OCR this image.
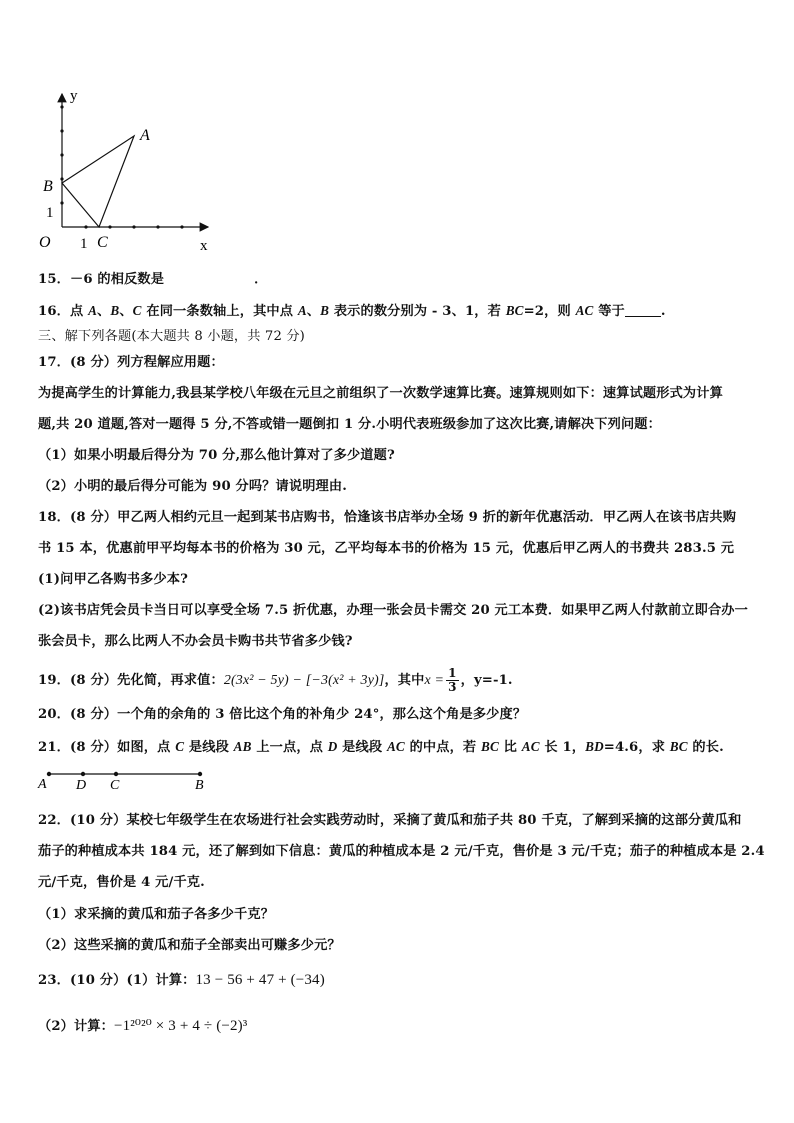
y
x
O 1
1
A
B
C
15．－6 的相反数是	．
16．点 A、B、C 在同一条数轴上，其中点 A、B 表示的数分别为 - 3、1，若 BC=2，则 AC 等于	.
三、解下列各题(本大题共 8 小题，共 72 分)
17．(8 分）列方程解应用题：
为提高学生的计算能力,我县某学校八年级在元旦之前组织了一次数学速算比赛。速算规则如下：速算试题形式为计算
题,共 20 道题,答对一题得 5 分,不答或错一题倒扣 1 分.小明代表班级参加了这次比赛,请解决下列问题：
（1）如果小明最后得分为 70 分,那么他计算对了多少道题?
（2）小明的最后得分可能为 90 分吗？请说明理由.
18．(8 分）甲乙两人相约元旦一起到某书店购书，恰逢该书店举办全场 9 折的新年优惠活动．甲乙两人在该书店共购
书 15 本，优惠前甲平均每本书的价格为 30 元，乙平均每本书的价格为 15 元，优惠后甲乙两人的书费共 283.5 元
(1)问甲乙各购书多少本?
(2)该书店凭会员卡当日可以享受全场 7.5 折优惠，办理一张会员卡需交 20 元工本费．如果甲乙两人付款前立即合办一
张会员卡，那么比两人不办会员卡购书共节省多少钱?
19．(8 分）先化简，再求值：2(3x² − 5y) − [−3(x² + 3y)]，其中$x = \frac{1}{3}$ ，y=-1.
20．(8 分）一个角的余角的 3 倍比这个角的补角少 24°，那么这个角是多少度？
21．(8 分）如图，点 C 是线段 AB 上一点，点 D 是线段 AC 的中点，若 BC 比 AC 长 1，BD=4.6，求 BC 的长.
A D C	B
22．(10 分）某校七年级学生在农场进行社会实践劳动时，采摘了黄瓜和茄子共 80 千克，了解到采摘的这部分黄瓜和
茄子的种植成本共 184 元，还了解到如下信息：黄瓜的种植成本是 2 元/千克，售价是 3 元/千克；茄子的种植成本是 2.4
元/千克，售价是 4 元/千克.
（1）求采摘的黄瓜和茄子各多少千克？
（2）这些采摘的黄瓜和茄子全部卖出可赚多少元？
23．(10 分）(1）计算：13 − 56 + 47 + (−34)
（2）计算：−1²⁰²⁰ × 3 + 4 ÷ (−2)³
